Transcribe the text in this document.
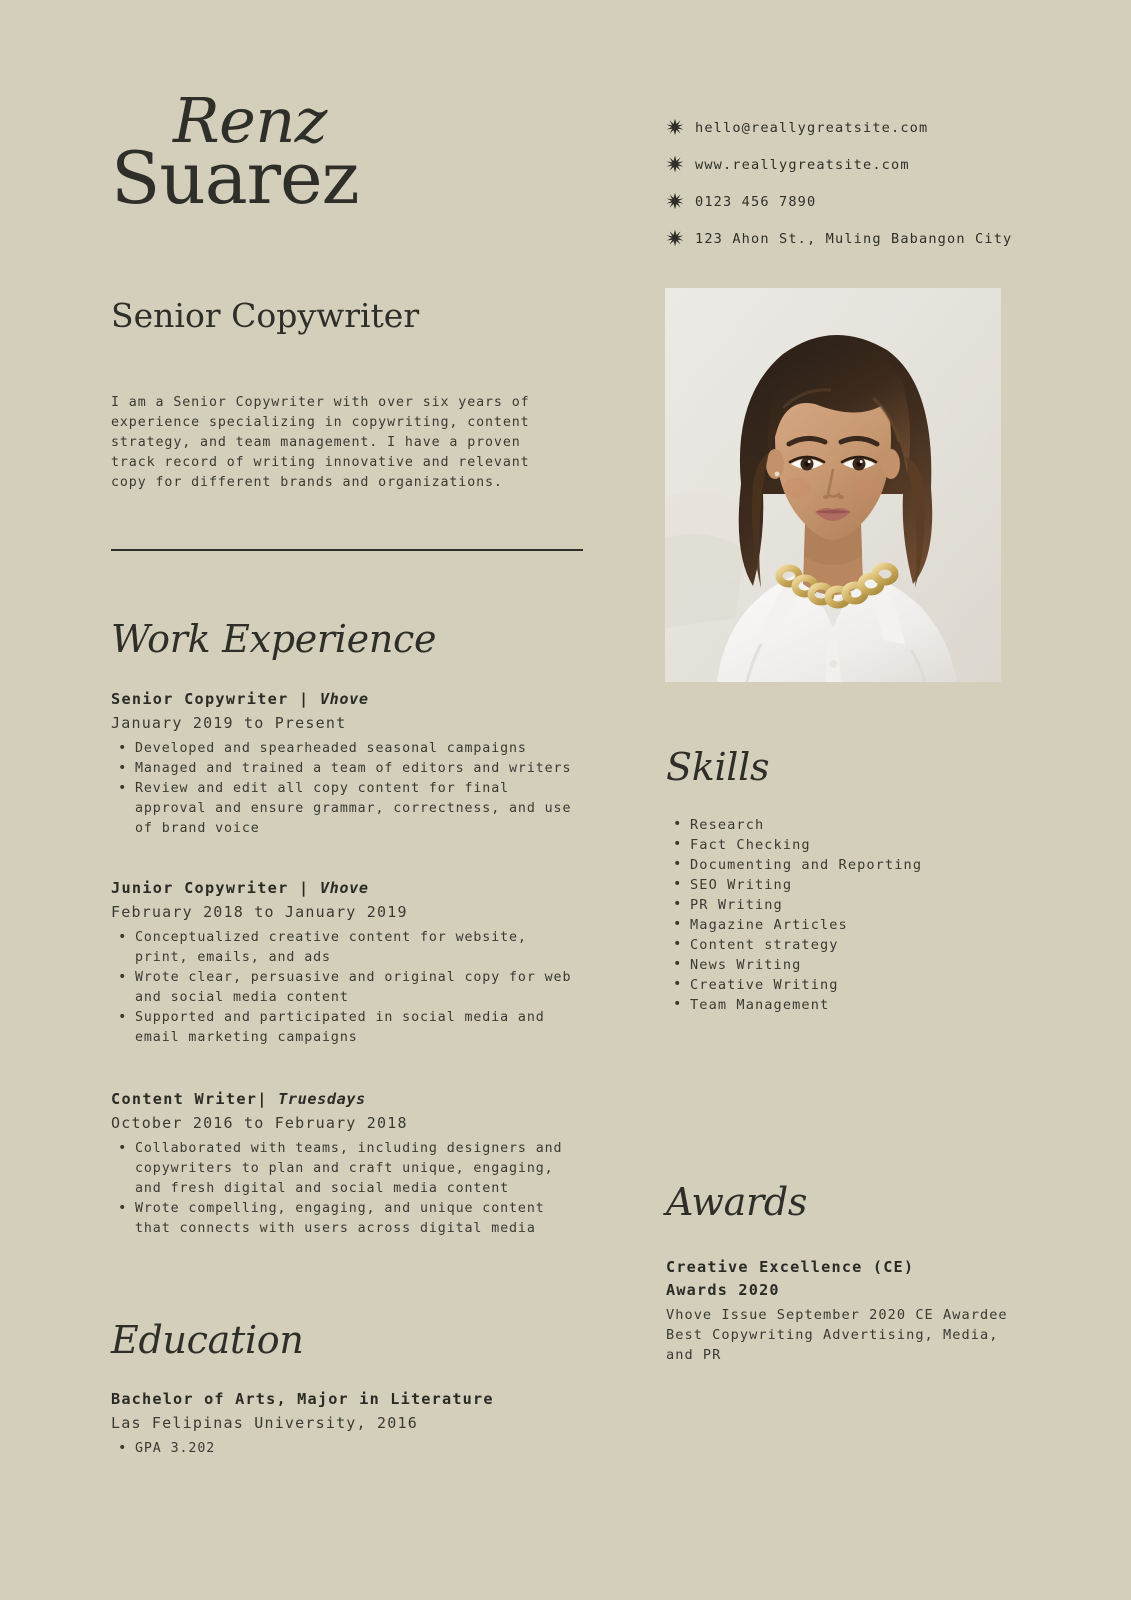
Renz
Suarez
Senior Copywriter
I am a Senior Copywriter with over six years of experience specializing in copywriting, content strategy, and team management. I have a proven track record of writing innovative and relevant copy for different brands and organizations.
Work Experience
Senior Copywriter | Vhove
January 2019 to Present
• Developed and spearheaded seasonal campaigns
• Managed and trained a team of editors and writers
• Review and edit all copy content for final approval and ensure grammar, correctness, and use of brand voice
Junior Copywriter | Vhove
February 2018 to January 2019
• Conceptualized creative content for website, print, emails, and ads
• Wrote clear, persuasive and original copy for web and social media content
• Supported and participated in social media and email marketing campaigns
Content Writer| Truesdays
October 2016 to February 2018
• Collaborated with teams, including designers and copywriters to plan and craft unique, engaging, and fresh digital and social media content
• Wrote compelling, engaging, and unique content that connects with users across digital media
Education
Bachelor of Arts, Major in Literature
Las Felipinas University, 2016
• GPA 3.202
hello@reallygreatsite.com
www.reallygreatsite.com
0123 456 7890
123 Ahon St., Muling Babangon City
Skills
• Research
• Fact Checking
• Documenting and Reporting
• SEO Writing
• PR Writing
• Magazine Articles
• Content strategy
• News Writing
• Creative Writing
• Team Management
Awards
Creative Excellence (CE)
Awards 2020
Vhove Issue September 2020 CE Awardee Best Copywriting Advertising, Media, and PR
